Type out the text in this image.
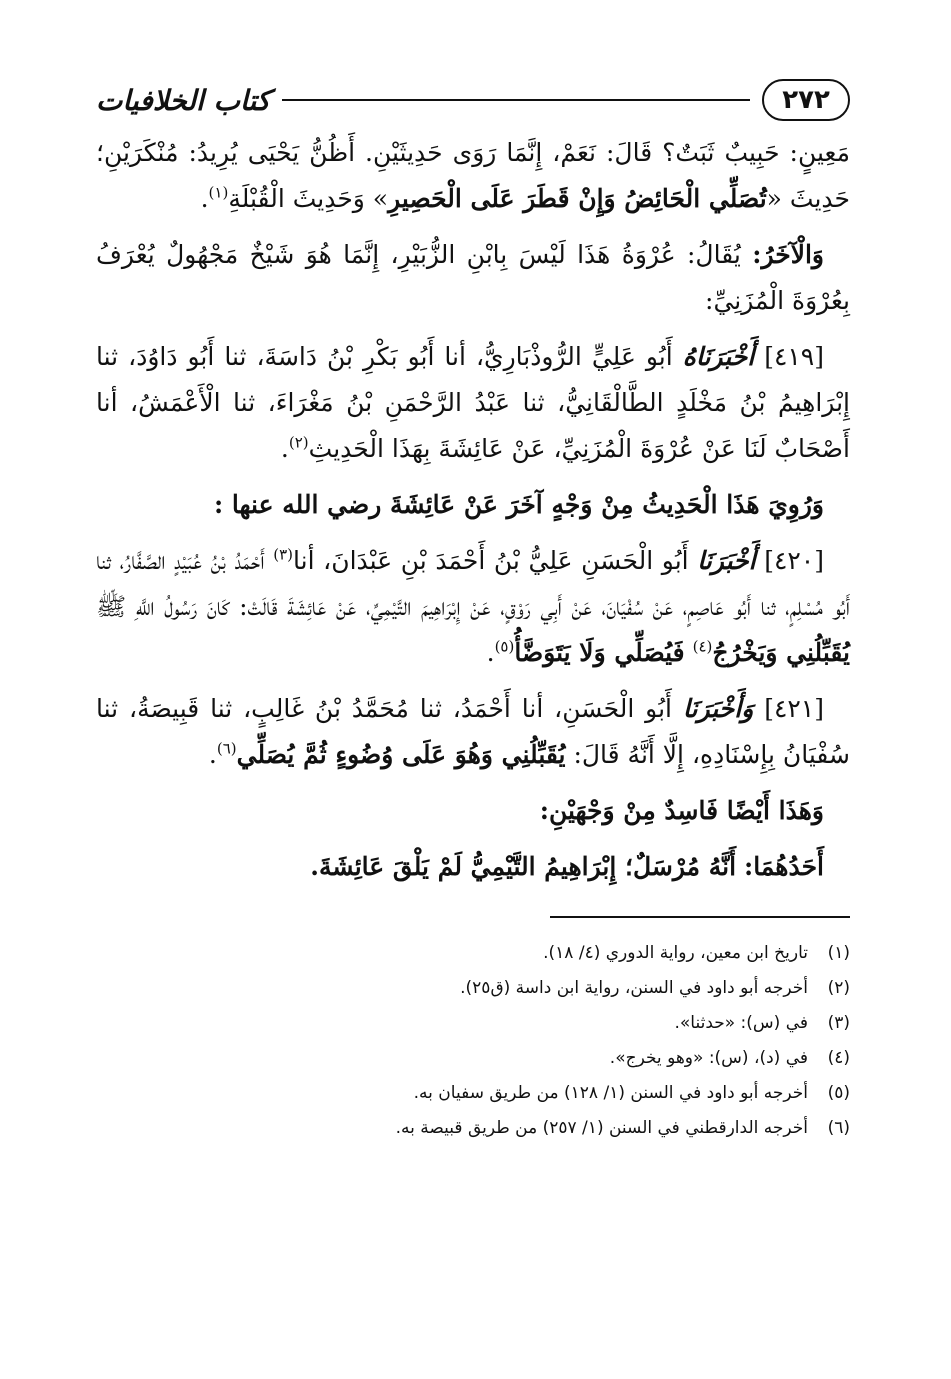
٢٧٢
كتاب الخلافيات

مَعِينٍ: حَبِيبٌ ثَبَتٌ؟ قَالَ: نَعَمْ، إِنَّمَا رَوَى حَدِيثَيْنِ. أَظُنُّ يَحْيَى يُرِيدُ: مُنْكَرَيْنِ؛ حَدِيثَ «تُصَلِّي الْحَائِضُ وَإِنْ قَطَرَ عَلَى الْحَصِيرِ» وَحَدِيثَ الْقُبْلَةِ$^{(١)}$.

وَالْآخَرُ: يُقَالُ: عُرْوَةُ هَذَا لَيْسَ بِابْنِ الزُّبَيْرِ، إِنَّمَا هُوَ شَيْخٌ مَجْهُولٌ يُعْرَفُ بِعُرْوَةَ الْمُزَنِيِّ:

[٤١٩] أَخْبَرَنَاهُ أَبُو عَلِيٍّ الرُّوذْبَارِيُّ، أنا أَبُو بَكْرِ بْنُ دَاسَةَ، ثنا أَبُو دَاوُدَ، ثنا إِبْرَاهِيمُ بْنُ مَخْلَدٍ الطَّالْقَانِيُّ، ثنا عَبْدُ الرَّحْمَنِ بْنُ مَغْرَاءَ، ثنا الْأَعْمَشُ، أنا أَصْحَابٌ لَنَا عَنْ عُرْوَةَ الْمُزَنِيِّ، عَنْ عَائِشَةَ بِهَذَا الْحَدِيثِ$^{(٢)}$.

وَرُوِيَ هَذَا الْحَدِيثُ مِنْ وَجْهٍ آخَرَ عَنْ عَائِشَةَ رضي الله عنها :

[٤٢٠] أَخْبَرَنَا أَبُو الْحَسَنِ عَلِيُّ بْنُ أَحْمَدَ بْنِ عَبْدَانَ، أنا$^{(٣)}$ أَحْمَدُ بْنُ عُبَيْدٍ الصَّفَّارُ، ثنا أَبُو مُسْلِمٍ، ثنا أَبُو عَاصِمٍ، عَنْ سُفْيَانَ، عَنْ أَبِي رَوْقٍ، عَنْ إِبْرَاهِيمَ التَّيْمِيِّ، عَنْ عَائِشَةَ قَالَتْ: كَانَ رَسُولُ اللَّهِ ﷺ يُقَبِّلُنِي وَيَخْرُجُ$^{(٤)}$ فَيُصَلِّي وَلَا يَتَوَضَّأُ$^{(٥)}$.

[٤٢١] وَأَخْبَرَنَا أَبُو الْحَسَنِ، أنا أَحْمَدُ، ثنا مُحَمَّدُ بْنُ غَالِبٍ، ثنا قَبِيصَةُ، ثنا سُفْيَانُ بِإِسْنَادِهِ، إِلَّا أَنَّهُ قَالَ: يُقَبِّلُنِي وَهُوَ عَلَى وُضُوءٍ ثُمَّ يُصَلِّي$^{(٦)}$.

وَهَذَا أَيْضًا فَاسِدٌ مِنْ وَجْهَيْنِ:

أَحَدُهُمَا: أَنَّهُ مُرْسَلٌ؛ إِبْرَاهِيمُ التَّيْمِيُّ لَمْ يَلْقَ عَائِشَةَ.

(١)
تاريخ ابن معين، رواية الدوري (٤/ ١٨).
(٢)
أخرجه أبو داود في السنن، رواية ابن داسة (ق٢٥).
(٣)
في (س): «حدثنا».
(٤)
في (د)، (س): «وهو يخرج».
(٥)
أخرجه أبو داود في السنن (١/ ١٢٨) من طريق سفيان به.
(٦)
أخرجه الدارقطني في السنن (١/ ٢٥٧) من طريق قبيصة به.
